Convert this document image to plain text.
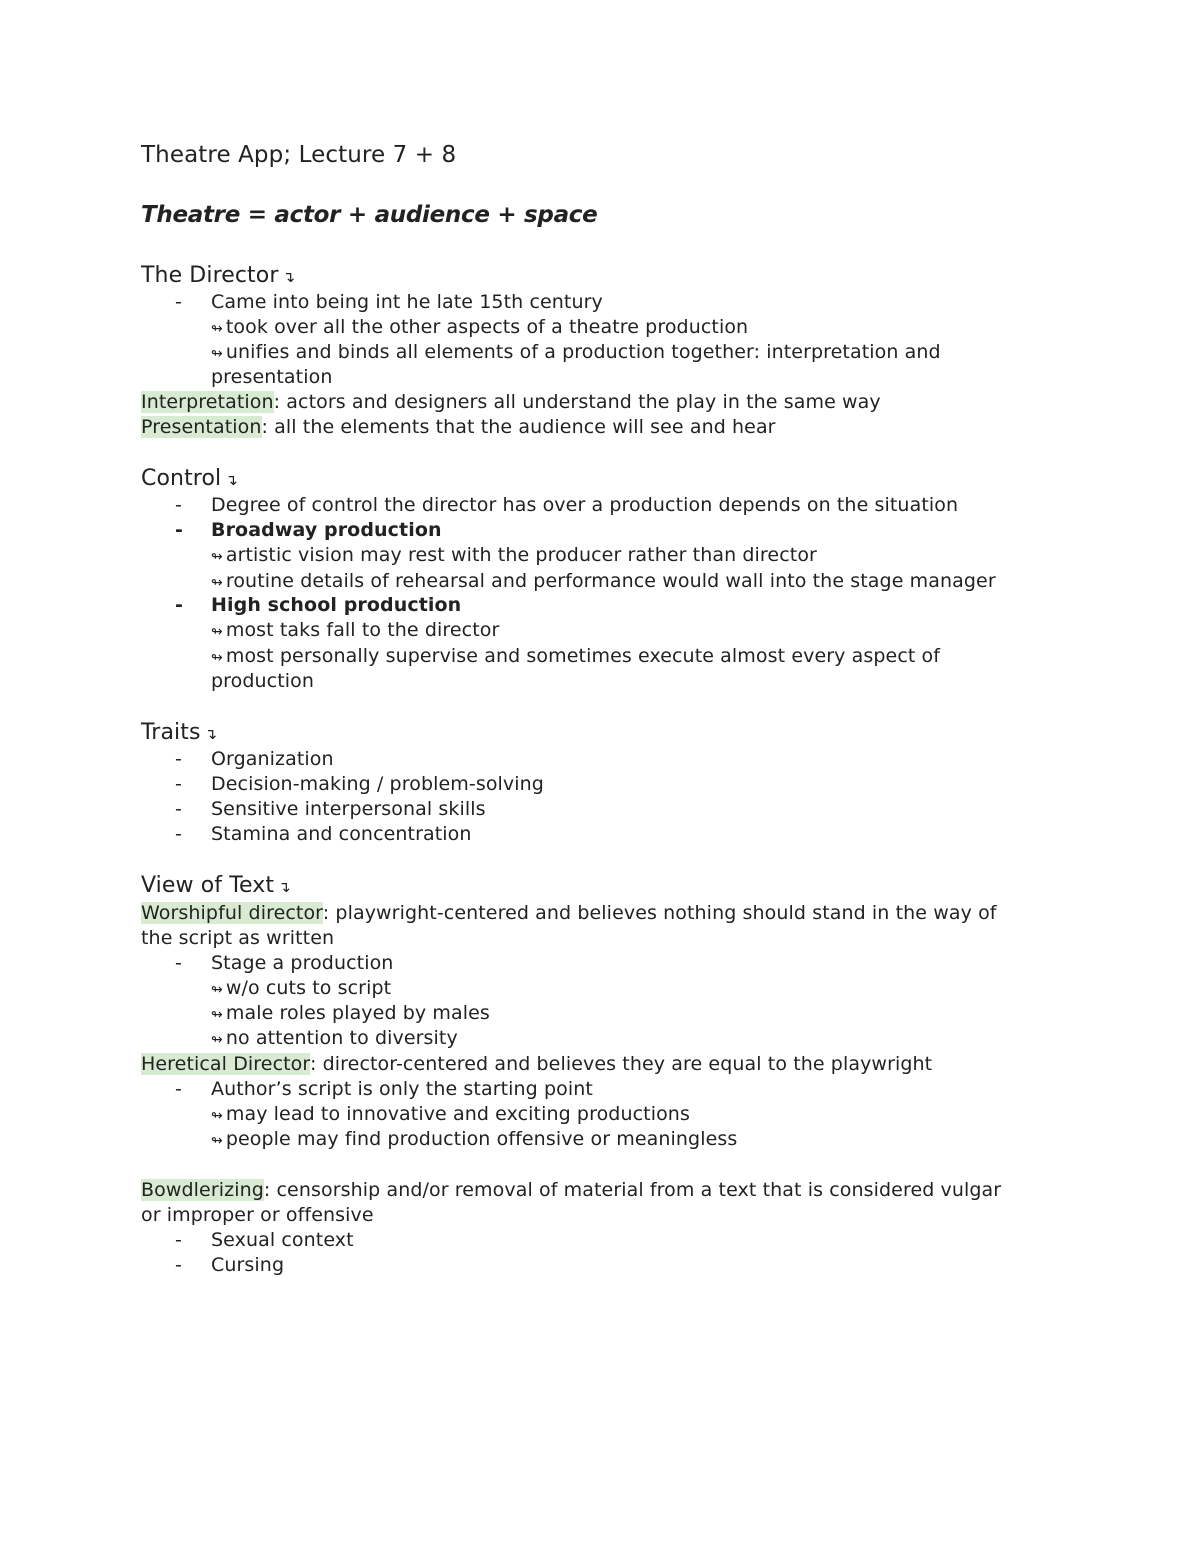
Theatre App; Lecture 7 + 8
Theatre = actor + audience + space
The Director ↴
- Came into being int he late 15th century
↬ took over all the other aspects of a theatre production
↬ unifies and binds all elements of a production together: interpretation and
presentation
Interpretation: actors and designers all understand the play in the same way
Presentation: all the elements that the audience will see and hear
Control ↴
- Degree of control the director has over a production depends on the situation
- Broadway production
↬ artistic vision may rest with the producer rather than director
↬ routine details of rehearsal and performance would wall into the stage manager
- High school production
↬ most taks fall to the director
↬ most personally supervise and sometimes execute almost every aspect of
production
Traits ↴
- Organization
- Decision-making / problem-solving
- Sensitive interpersonal skills
- Stamina and concentration
View of Text ↴
Worshipful director: playwright-centered and believes nothing should stand in the way of
the script as written
- Stage a production
↬ w/o cuts to script
↬ male roles played by males
↬ no attention to diversity
Heretical Director: director-centered and believes they are equal to the playwright
- Author’s script is only the starting point
↬ may lead to innovative and exciting productions
↬ people may find production offensive or meaningless
Bowdlerizing: censorship and/or removal of material from a text that is considered vulgar
or improper or offensive
- Sexual context
- Cursing
